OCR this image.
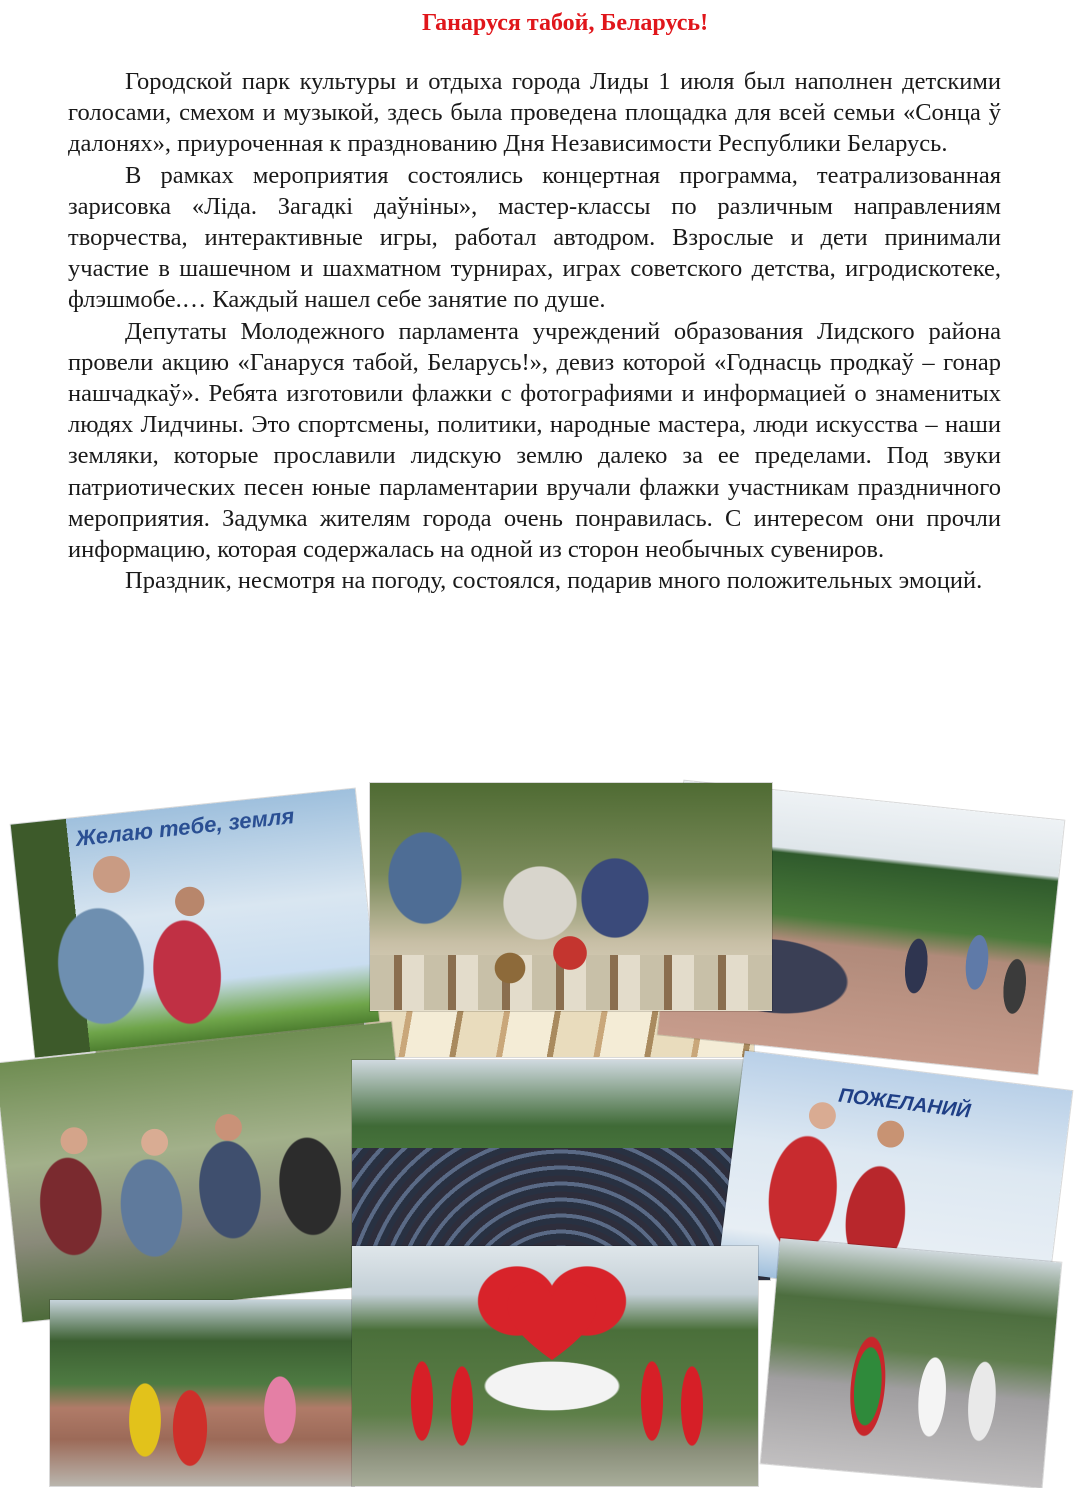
Ганаруся табой, Беларусь!

Городской парк культуры и отдыха города Лиды 1 июля был наполнен детскими голосами, смехом и музыкой, здесь была проведена площадка для всей семьи «Сонца ў далонях», приуроченная к празднованию Дня Независимости Республики Беларусь.

В рамках мероприятия состоялись концертная программа, театрализованная зарисовка «Ліда. Загадкі даўніны», мастер-классы по различным направлениям творчества, интерактивные игры, работал автодром. Взрослые и дети принимали участие в шашечном и шахматном турнирах, играх советского детства, игродискотеке, флэшмобе.… Каждый нашел себе занятие по душе.

Депутаты Молодежного парламента учреждений образования Лидского района провели акцию «Ганаруся табой, Беларусь!», девиз которой «Годнасць продкаў – гонар нашчадкаў». Ребята изготовили флажки с фотографиями и информацией о знаменитых людях Лидчины. Это спортсмены, политики, народные мастера, люди искусства – наши земляки, которые прославили лидскую землю далеко за ее пределами. Под звуки патриотических песен юные парламентарии вручали флажки участникам праздничного мероприятия. Задумка жителям города очень понравилась. С интересом они прочли информацию, которая содержалась на одной из сторон необычных сувениров.

Праздник, несмотря на погоду, состоялся, подарив много положительных эмоций.

Желаю тебе, земля
ПОЖЕЛАНИЙ
